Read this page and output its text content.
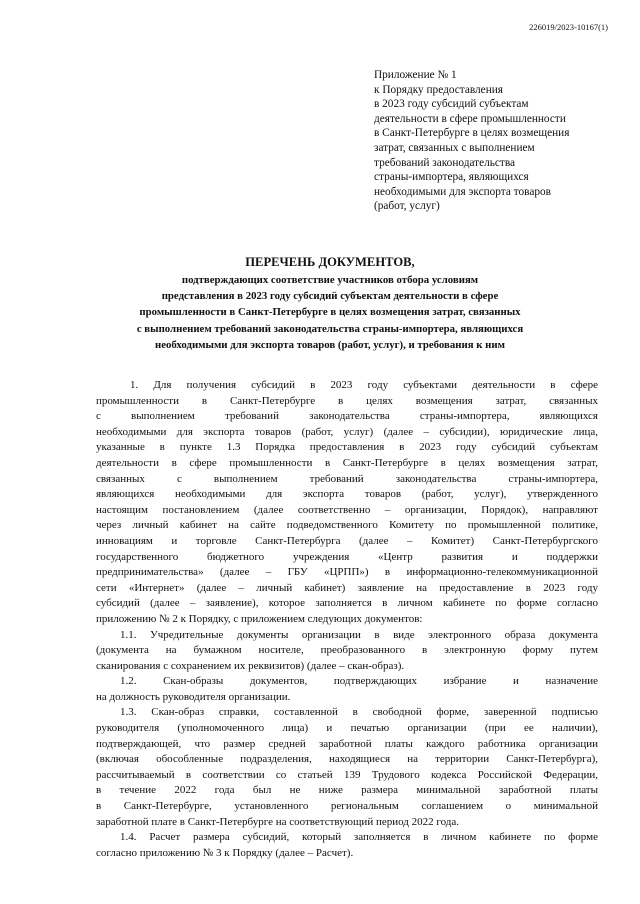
226019/2023-10167(1)
Приложение № 1
к Порядку предоставления
в 2023 году субсидий субъектам
деятельности в сфере промышленности
в Санкт-Петербурге в целях возмещения
затрат, связанных с выполнением
требований законодательства
страны-импортера, являющихся
необходимыми для экспорта товаров
(работ, услуг)
ПЕРЕЧЕНЬ ДОКУМЕНТОВ,
подтверждающих соответствие участников отбора условиям
представления в 2023 году субсидий субъектам деятельности в сфере
промышленности в Санкт-Петербурге в целях возмещения затрат, связанных
с выполнением требований законодательства страны-импортера, являющихся
необходимыми для экспорта товаров (работ, услуг), и требования к ним

1. Для получения субсидий в 2023 году субъектами деятельности в сфере
промышленности в Санкт-Петербурге в целях возмещения затрат, связанных
с выполнением требований законодательства страны-импортера, являющихся
необходимыми для экспорта товаров (работ, услуг) (далее – субсидии), юридические лица,
указанные в пункте 1.3 Порядка предоставления в 2023 году субсидий субъектам
деятельности в сфере промышленности в Санкт-Петербурге в целях возмещения затрат,
связанных с выполнением требований законодательства страны-импортера,
являющихся необходимыми для экспорта товаров (работ, услуг), утвержденного
настоящим постановлением (далее соответственно – организации, Порядок), направляют
через личный кабинет на сайте подведомственного Комитету по промышленной политике,
инновациям и торговле Санкт-Петербурга (далее – Комитет) Санкт-Петербургского
государственного бюджетного учреждения «Центр развития и поддержки
предпринимательства» (далее – ГБУ «ЦРПП») в информационно-телекоммуникационной
сети «Интернет» (далее – личный кабинет) заявление на предоставление в 2023 году
субсидий (далее – заявление), которое заполняется в личном кабинете по форме согласно
приложению № 2 к Порядку, с приложением следующих документов:

1.1. Учредительные документы организации в виде электронного образа документа
(документа на бумажном носителе, преобразованного в электронную форму путем
сканирования с сохранением их реквизитов) (далее – скан-образ).

1.2. Скан-образы документов, подтверждающих избрание и назначение
на должность руководителя организации.

1.3. Скан-образ справки, составленной в свободной форме, заверенной подписью
руководителя (уполномоченного лица) и печатью организации (при ее наличии),
подтверждающей, что размер средней заработной платы каждого работника организации
(включая обособленные подразделения, находящиеся на территории Санкт-Петербурга),
рассчитываемый в соответствии со статьей 139 Трудового кодекса Российской Федерации,
в течение 2022 года был не ниже размера минимальной заработной платы
в Санкт-Петербурге, установленного региональным соглашением о минимальной
заработной плате в Санкт-Петербурге на соответствующий период 2022 года.

1.4. Расчет размера субсидий, который заполняется в личном кабинете по форме
согласно приложению № 3 к Порядку (далее – Расчет).
